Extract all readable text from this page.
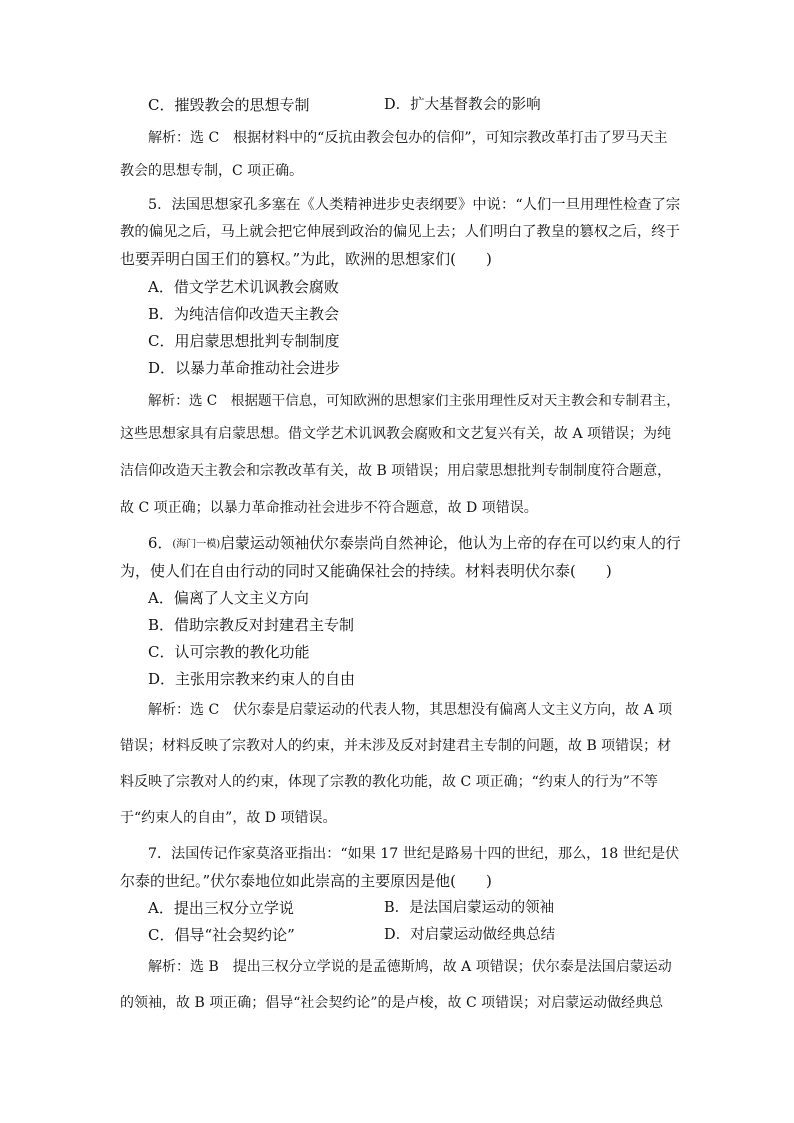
C．摧毁教会的思想专制	D．扩大基督教会的影响
解析：选 C　根据材料中的“反抗由教会包办的信仰”，可知宗教改革打击了罗马天主
教会的思想专制，C 项正确。
5．法国思想家孔多塞在《人类精神进步史表纲要》中说：“人们一旦用理性检查了宗
教的偏见之后，马上就会把它伸展到政治的偏见上去；人们明白了教皇的篡权之后，终于
也要弄明白国王们的篡权。”为此，欧洲的思想家们(　　)
A．借文学艺术讥讽教会腐败
B．为纯洁信仰改造天主教会
C．用启蒙思想批判专制制度
D．以暴力革命推动社会进步
解析：选 C　根据题干信息，可知欧洲的思想家们主张用理性反对天主教会和专制君主，
这些思想家具有启蒙思想。借文学艺术讥讽教会腐败和文艺复兴有关，故 A 项错误；为纯
洁信仰改造天主教会和宗教改革有关，故 B 项错误；用启蒙思想批判专制制度符合题意，
故 C 项正确；以暴力革命推动社会进步不符合题意，故 D 项错误。
6．(海门一模)启蒙运动领袖伏尔泰崇尚自然神论，他认为上帝的存在可以约束人的行
为，使人们在自由行动的同时又能确保社会的持续。材料表明伏尔泰(　　)
A．偏离了人文主义方向
B．借助宗教反对封建君主专制
C．认可宗教的教化功能
D．主张用宗教来约束人的自由
解析：选 C　伏尔泰是启蒙运动的代表人物，其思想没有偏离人文主义方向，故 A 项
错误；材料反映了宗教对人的约束，并未涉及反对封建君主专制的问题，故 B 项错误；材
料反映了宗教对人的约束，体现了宗教的教化功能，故 C 项正确；“约束人的行为”不等
于“约束人的自由”，故 D 项错误。
7．法国传记作家莫洛亚指出：“如果 17 世纪是路易十四的世纪，那么，18 世纪是伏
尔泰的世纪。”伏尔泰地位如此崇高的主要原因是他(　　)
A．提出三权分立学说	B．是法国启蒙运动的领袖
C．倡导“社会契约论”	D．对启蒙运动做经典总结
解析：选 B　提出三权分立学说的是孟德斯鸠，故 A 项错误；伏尔泰是法国启蒙运动
的领袖，故 B 项正确；倡导“社会契约论”的是卢梭，故 C 项错误；对启蒙运动做经典总
